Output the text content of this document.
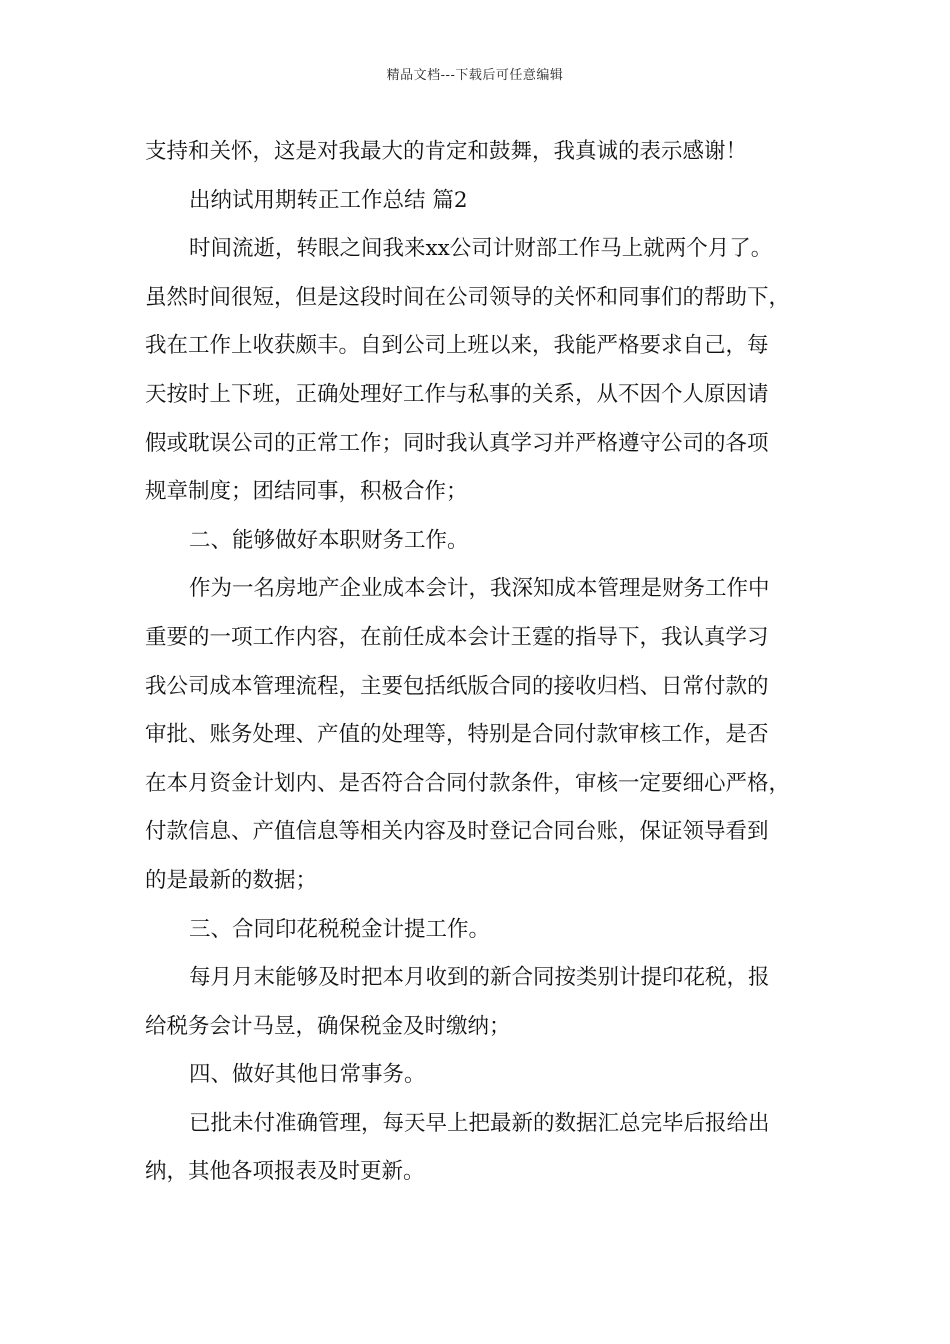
精品文档---下载后可任意编辑

支持和关怀，这是对我最大的肯定和鼓舞，我真诚的表示感谢！

出纳试用期转正工作总结 篇2

时间流逝，转眼之间我来xx公司计财部工作马上就两个月了。

虽然时间很短，但是这段时间在公司领导的关怀和同事们的帮助下，

我在工作上收获颇丰。自到公司上班以来，我能严格要求自己，每

天按时上下班，正确处理好工作与私事的关系，从不因个人原因请

假或耽误公司的正常工作；同时我认真学习并严格遵守公司的各项

规章制度；团结同事，积极合作；

二、能够做好本职财务工作。

作为一名房地产企业成本会计，我深知成本管理是财务工作中

重要的一项工作内容，在前任成本会计王霆的指导下，我认真学习

我公司成本管理流程，主要包括纸版合同的接收归档、日常付款的

审批、账务处理、产值的处理等，特别是合同付款审核工作，是否

在本月资金计划内、是否符合合同付款条件，审核一定要细心严格，

付款信息、产值信息等相关内容及时登记合同台账，保证领导看到

的是最新的数据；

三、合同印花税税金计提工作。

每月月末能够及时把本月收到的新合同按类别计提印花税，报

给税务会计马昱，确保税金及时缴纳；

四、做好其他日常事务。

已批未付准确管理，每天早上把最新的数据汇总完毕后报给出

纳，其他各项报表及时更新。
